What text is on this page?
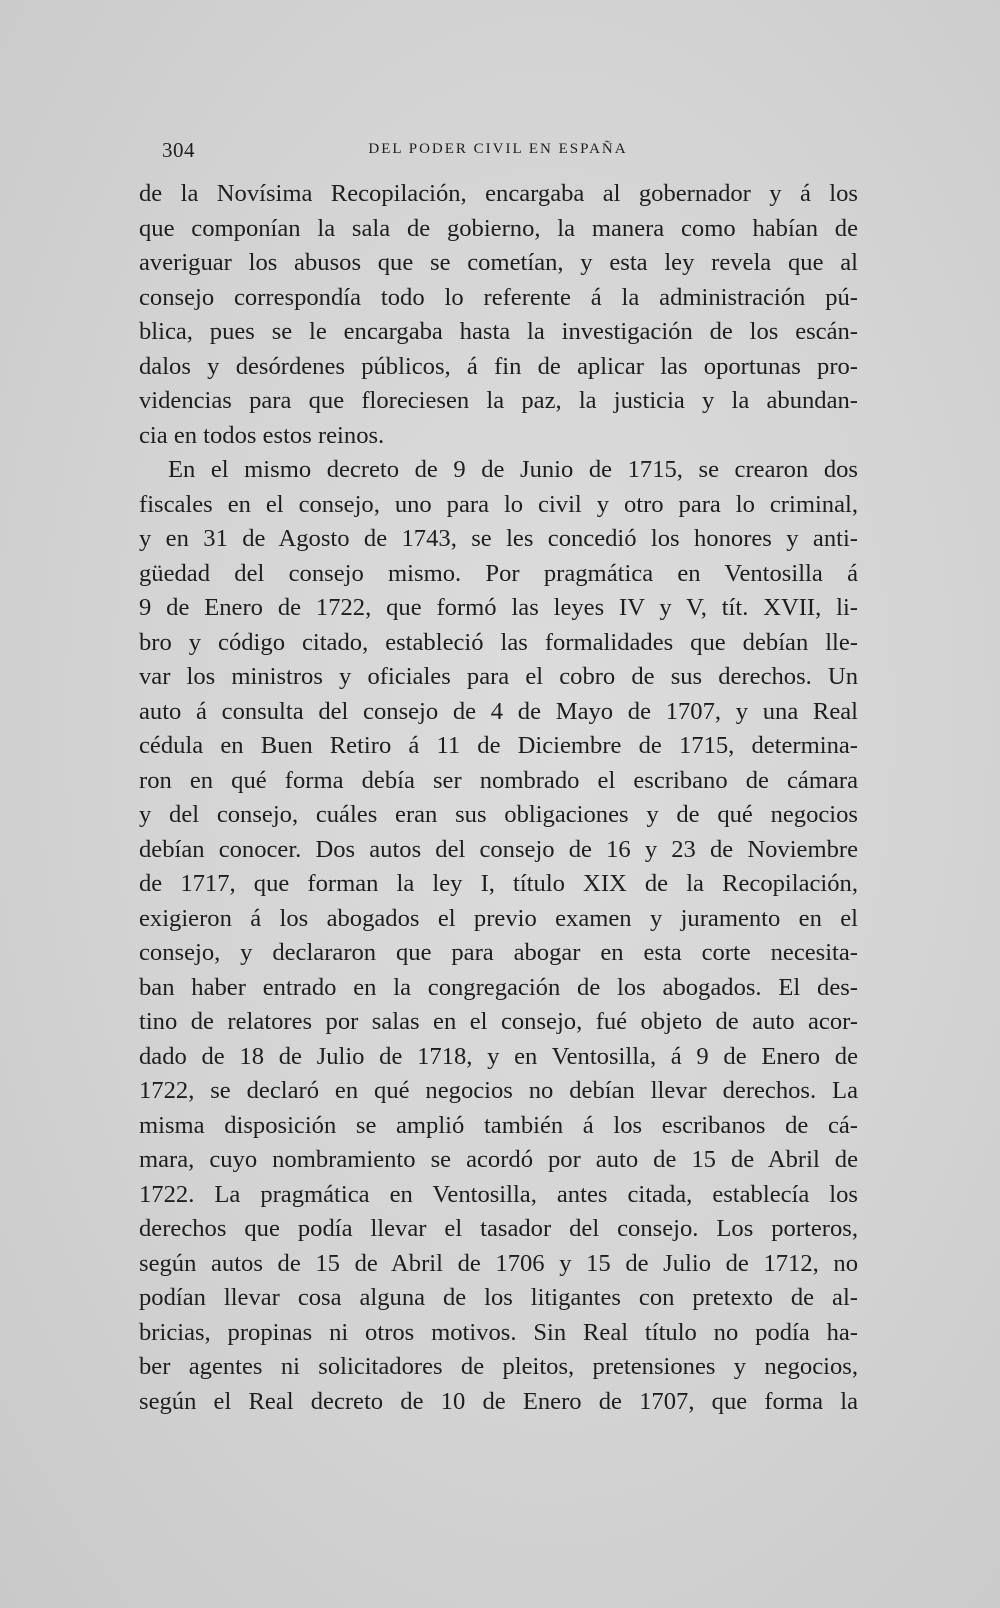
304	DEL PODER CIVIL EN ESPAÑA
de la Novísima Recopilación, encargaba al gobernador y á los
que componían la sala de gobierno, la manera como habían de
averiguar los abusos que se cometían, y esta ley revela que al
consejo correspondía todo lo referente á la administración pú-
blica, pues se le encargaba hasta la investigación de los escán-
dalos y desórdenes públicos, á fin de aplicar las oportunas pro-
videncias para que floreciesen la paz, la justicia y la abundan-
cia en todos estos reinos.
En el mismo decreto de 9 de Junio de 1715, se crearon dos
fiscales en el consejo, uno para lo civil y otro para lo criminal,
y en 31 de Agosto de 1743, se les concedió los honores y anti-
güedad del consejo mismo. Por pragmática en Ventosilla á
9 de Enero de 1722, que formó las leyes IV y V, tít. XVII, li-
bro y código citado, estableció las formalidades que debían lle-
var los ministros y oficiales para el cobro de sus derechos. Un
auto á consulta del consejo de 4 de Mayo de 1707, y una Real
cédula en Buen Retiro á 11 de Diciembre de 1715, determina-
ron en qué forma debía ser nombrado el escribano de cámara
y del consejo, cuáles eran sus obligaciones y de qué negocios
debían conocer. Dos autos del consejo de 16 y 23 de Noviembre
de 1717, que forman la ley I, título XIX de la Recopilación,
exigieron á los abogados el previo examen y juramento en el
consejo, y declararon que para abogar en esta corte necesita-
ban haber entrado en la congregación de los abogados. El des-
tino de relatores por salas en el consejo, fué objeto de auto acor-
dado de 18 de Julio de 1718, y en Ventosilla, á 9 de Enero de
1722, se declaró en qué negocios no debían llevar derechos. La
misma disposición se amplió también á los escribanos de cá-
mara, cuyo nombramiento se acordó por auto de 15 de Abril de
1722. La pragmática en Ventosilla, antes citada, establecía los
derechos que podía llevar el tasador del consejo. Los porteros,
según autos de 15 de Abril de 1706 y 15 de Julio de 1712, no
podían llevar cosa alguna de los litigantes con pretexto de al-
bricias, propinas ni otros motivos. Sin Real título no podía ha-
ber agentes ni solicitadores de pleitos, pretensiones y negocios,
según el Real decreto de 10 de Enero de 1707, que forma la
